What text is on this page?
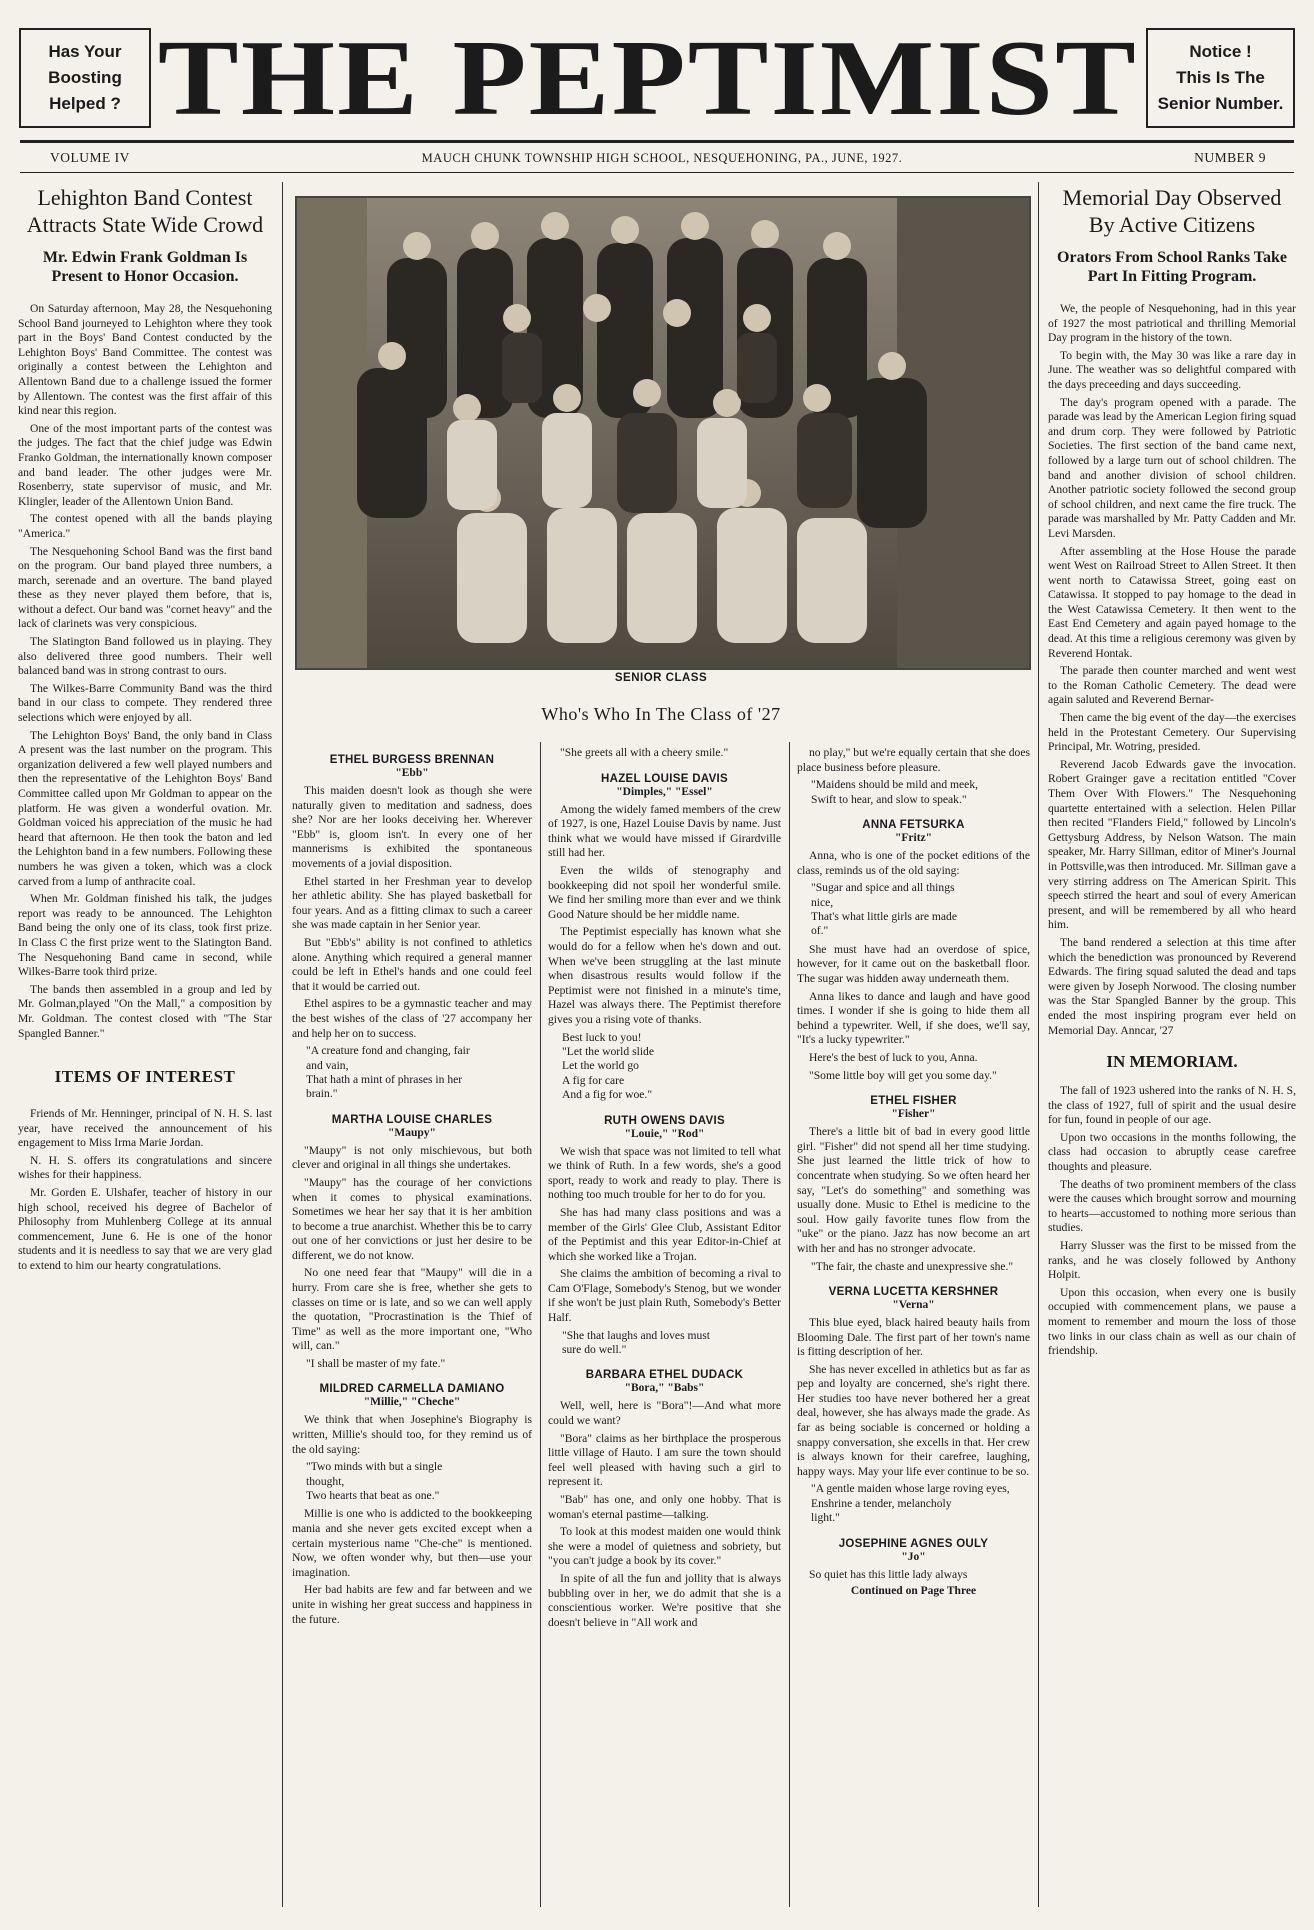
Has Your
Boosting
Helped ? THE PEPTIMIST	Notice !
This Is The
Senior Number.
VOLUME IV	MAUCH CHUNK TOWNSHIP HIGH SCHOOL, NESQUEHONING, PA., JUNE, 1927.	NUMBER 9
Lehighton Band Contest Attracts State Wide Crowd
Mr. Edwin Frank Goldman Is Present to Honor Occasion.

On Saturday afternoon, May 28, the Nesquehoning School Band journeyed to Lehighton where they took part in the Boys' Band Contest conducted by the Lehighton Boys' Band Committee. The contest was originally a contest between the Lehighton and Allentown Band due to a challenge issued the former by Allentown. The contest was the first affair of this kind near this region.

One of the most important parts of the contest was the judges. The fact that the chief judge was Edwin Franko Goldman, the internationally known composer and band leader. The other judges were Mr. Rosenberry, state supervisor of music, and Mr. Klingler, leader of the Allentown Union Band.

The contest opened with all the bands playing "America."

The Nesquehoning School Band was the first band on the program. Our band played three numbers, a march, serenade and an overture. The band played these as they never played them before, that is, without a defect. Our band was "cornet heavy" and the lack of clarinets was very conspicious.

The Slatington Band followed us in playing. They also delivered three good numbers. Their well balanced band was in strong contrast to ours.

The Wilkes-Barre Community Band was the third band in our class to compete. They rendered three selections which were enjoyed by all.

The Lehighton Boys' Band, the only band in Class A present was the last number on the program. This organization delivered a few well played numbers and then the representative of the Lehighton Boys' Band Committee called upon Mr Goldman to appear on the platform. He was given a wonderful ovation. Mr. Goldman voiced his appreciation of the music he had heard that afternoon. He then took the baton and led the Lehighton band in a few numbers. Following these numbers he was given a token, which was a clock carved from a lump of anthracite coal.

When Mr. Goldman finished his talk, the judges report was ready to be announced. The Lehighton Band being the only one of its class, took first prize. In Class C the first prize went to the Slatington Band. The Nesquehoning Band came in second, while Wilkes-Barre took third prize.

The bands then assembled in a group and led by Mr. Golman,played "On the Mall," a composition by Mr. Goldman. The contest closed with "The Star Spangled Banner."

ITEMS OF INTEREST

Friends of Mr. Henninger, principal of N. H. S. last year, have received the announcement of his engagement to Miss Irma Marie Jordan.

N. H. S. offers its congratulations and sincere wishes for their happiness.

Mr. Gorden E. Ulshafer, teacher of history in our high school, received his degree of Bachelor of Philosophy from Muhlenberg College at its annual commencement, June 6. He is one of the honor students and it is needless to say that we are very glad to extend to him our hearty congratulations.

SENIOR CLASS
Who's Who In The Class of '27
ETHEL BURGESS BRENNAN
"Ebb"

This maiden doesn't look as though she were naturally given to meditation and sadness, does she? Nor are her looks deceiving her. Wherever "Ebb" is, gloom isn't. In every one of her mannerisms is exhibited the spontaneous movements of a jovial disposition.

Ethel started in her Freshman year to develop her athletic ability. She has played basketball for four years. And as a fitting climax to such a career she was made captain in her Senior year.

But "Ebb's" ability is not confined to athletics alone. Anything which required a general manner could be left in Ethel's hands and one could feel that it would be carried out.

Ethel aspires to be a gymnastic teacher and may the best wishes of the class of '27 accompany her and help her on to success.

"A creature fond and changing, fair
and vain,
That hath a mint of phrases in her
brain."
MARTHA LOUISE CHARLES
"Maupy"

"Maupy" is not only mischievous, but both clever and original in all things she undertakes.

"Maupy" has the courage of her convictions when it comes to physical examinations. Sometimes we hear her say that it is her ambition to become a true anarchist. Whether this be to carry out one of her convictions or just her desire to be different, we do not know.

No one need fear that "Maupy" will die in a hurry. From care she is free, whether she gets to classes on time or is late, and so we can well apply the quotation, "Procrastination is the Thief of Time" as well as the more important one, "Who will, can."

"I shall be master of my fate."
MILDRED CARMELLA DAMIANO
"Millie," "Cheche"

We think that when Josephine's Biography is written, Millie's should too, for they remind us of the old saying:

"Two minds with but a single
thought,
Two hearts that beat as one."

Millie is one who is addicted to the bookkeeping mania and she never gets excited except when a certain mysterious name "Che-che" is mentioned. Now, we often wonder why, but then—use your imagination.

Her bad habits are few and far between and we unite in wishing her great success and happiness in the future.

"She greets all with a cheery smile."

HAZEL LOUISE DAVIS
"Dimples," "Essel"

Among the widely famed members of the crew of 1927, is one, Hazel Louise Davis by name. Just think what we would have missed if Girardville still had her.

Even the wilds of stenography and bookkeeping did not spoil her wonderful smile. We find her smiling more than ever and we think Good Nature should be her middle name.

The Peptimist especially has known what she would do for a fellow when he's down and out. When we've been struggling at the last minute when disastrous results would follow if the Peptimist were not finished in a minute's time, Hazel was always there. The Peptimist therefore gives you a rising vote of thanks.

Best luck to you!
"Let the world slide
Let the world go
A fig for care
And a fig for woe."
RUTH OWENS DAVIS
"Louie," "Rod"

We wish that space was not limited to tell what we think of Ruth. In a few words, she's a good sport, ready to work and ready to play. There is nothing too much trouble for her to do for you.

She has had many class positions and was a member of the Girls' Glee Club, Assistant Editor of the Peptimist and this year Editor-in-Chief at which she worked like a Trojan.

She claims the ambition of becoming a rival to Cam O'Flage, Somebody's Stenog, but we wonder if she won't be just plain Ruth, Somebody's Better Half.

"She that laughs and loves must
sure do well."
BARBARA ETHEL DUDACK
"Bora," "Babs"

Well, well, here is "Bora"!—And what more could we want?

"Bora" claims as her birthplace the prosperous little village of Hauto. I am sure the town should feel well pleased with having such a girl to represent it.

"Bab" has one, and only one hobby. That is woman's eternal pastime—talking.

To look at this modest maiden one would think she were a model of quietness and sobriety, but "you can't judge a book by its cover."

In spite of all the fun and jollity that is always bubbling over in her, we do admit that she is a conscientious worker. We're positive that she doesn't believe in "All work and

no play," but we're equally certain that she does place business before pleasure.

"Maidens should be mild and meek,
Swift to hear, and slow to speak."
ANNA FETSURKA
"Fritz"

Anna, who is one of the pocket editions of the class, reminds us of the old saying:

"Sugar and spice and all things
nice,
That's what little girls are made
of."

She must have had an overdose of spice, however, for it came out on the basketball floor. The sugar was hidden away underneath them.

Anna likes to dance and laugh and have good times. I wonder if she is going to hide them all behind a typewriter. Well, if she does, we'll say, "It's a lucky typewriter."

Here's the best of luck to you, Anna.

"Some little boy will get you some day."

ETHEL FISHER
"Fisher"

There's a little bit of bad in every good little girl. "Fisher" did not spend all her time studying. She just learned the little trick of how to concentrate when studying. So we often heard her say, "Let's do something" and something was usually done. Music to Ethel is medicine to the soul. How gaily favorite tunes flow from the "uke" or the piano. Jazz has now become an art with her and has no stronger advocate.

"The fair, the chaste and unexpressive she."
VERNA LUCETTA KERSHNER
"Verna"

This blue eyed, black haired beauty hails from Blooming Dale. The first part of her town's name is fitting description of her.

She has never excelled in athletics but as far as pep and loyalty are concerned, she's right there. Her studies too have never bothered her a great deal, however, she has always made the grade. As far as being sociable is concerned or holding a snappy conversation, she excells in that. Her crew is always known for their carefree, laughing, happy ways. May your life ever continue to be so.

"A gentle maiden whose large roving eyes,
Enshrine a tender, melancholy
light."
JOSEPHINE AGNES OULY
"Jo"

So quiet has this little lady always

Continued on Page Three
Memorial Day Observed By Active Citizens
Orators From School Ranks Take Part In Fitting Program.

We, the people of Nesquehoning, had in this year of 1927 the most patriotical and thrilling Memorial Day program in the history of the town.

To begin with, the May 30 was like a rare day in June. The weather was so delightful compared with the days preceeding and days succeeding.

The day's program opened with a parade. The parade was lead by the American Legion firing squad and drum corp. They were followed by Patriotic Societies. The first section of the band came next, followed by a large turn out of school children. The band and another division of school children. Another patriotic society followed the second group of school children, and next came the fire truck. The parade was marshalled by Mr. Patty Cadden and Mr. Levi Marsden.

After assembling at the Hose House the parade went West on Railroad Street to Allen Street. It then went north to Catawissa Street, going east on Catawissa. It stopped to pay homage to the dead in the West Catawissa Cemetery. It then went to the East End Cemetery and again payed homage to the dead. At this time a religious ceremony was given by Reverend Hontak.

The parade then counter marched and went west to the Roman Catholic Cemetery. The dead were again saluted and Reverend Bernar-

Then came the big event of the day—the exercises held in the Protestant Cemetery. Our Supervising Principal, Mr. Wotring, presided.

Reverend Jacob Edwards gave the invocation. Robert Grainger gave a recitation entitled "Cover Them Over With Flowers." The Nesquehoning quartette entertained with a selection. Helen Pillar then recited "Flanders Field," followed by Lincoln's Gettysburg Address, by Nelson Watson. The main speaker, Mr. Harry Sillman, editor of Miner's Journal in Pottsville,was then introduced. Mr. Sillman gave a very stirring address on The American Spirit. This speech stirred the heart and soul of every American present, and will be remembered by all who heard him.

The band rendered a selection at this time after which the benediction was pronounced by Reverend Edwards. The firing squad saluted the dead and taps were given by Joseph Norwood. The closing number was the Star Spangled Banner by the group. This ended the most inspiring program ever held on Memorial Day. Anncar, '27

IN MEMORIAM.

The fall of 1923 ushered into the ranks of N. H. S, the class of 1927, full of spirit and the usual desire for fun, found in people of our age.

Upon two occasions in the months following, the class had occasion to abruptly cease carefree thoughts and pleasure.

The deaths of two prominent members of the class were the causes which brought sorrow and mourning to hearts—accustomed to nothing more serious than studies.

Harry Slusser was the first to be missed from the ranks, and he was closely followed by Anthony Holpit.

Upon this occasion, when every one is busily occupied with commencement plans, we pause a moment to remember and mourn the loss of those two links in our class chain as well as our chain of friendship.
